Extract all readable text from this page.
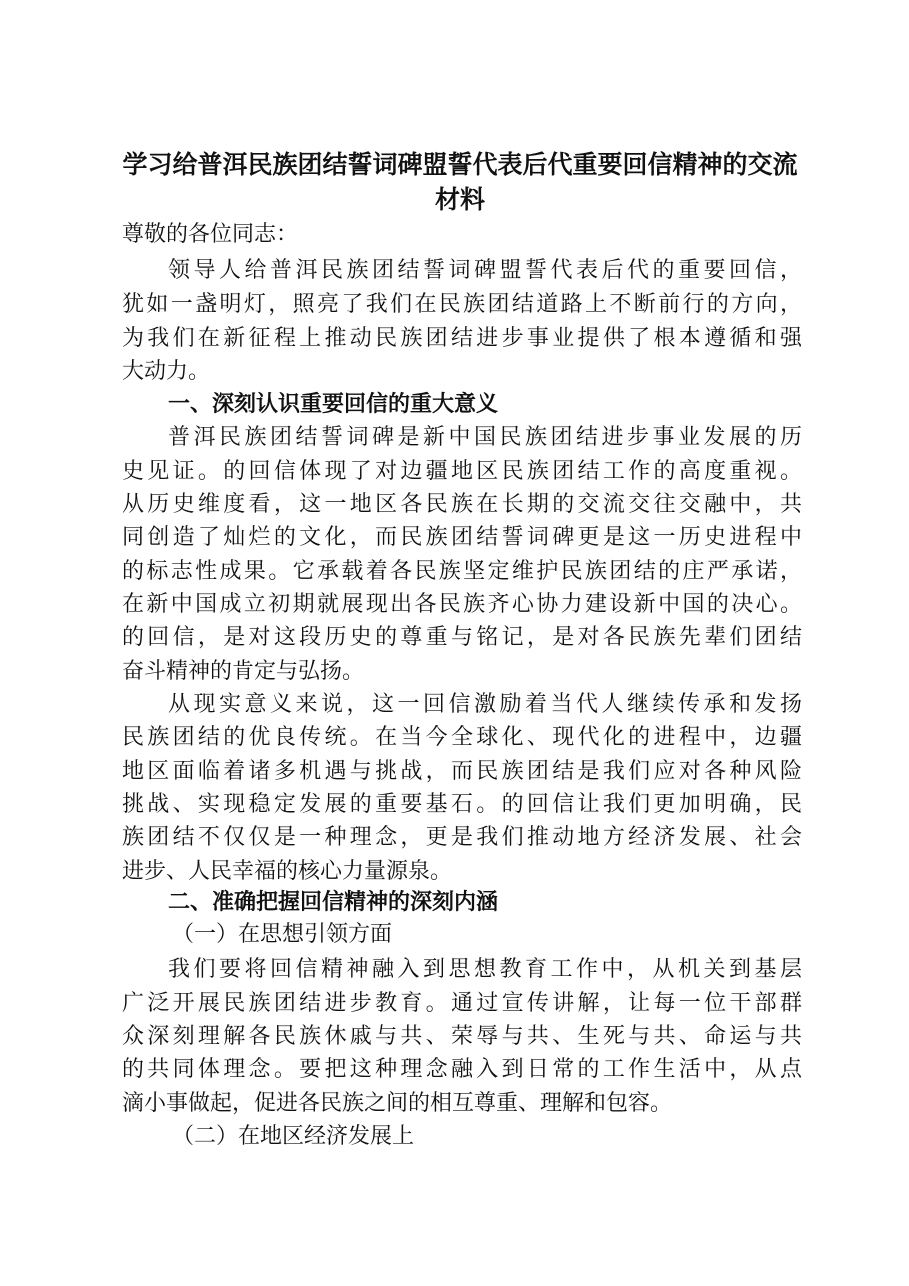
学习给普洱民族团结誓词碑盟誓代表后代重要回信精神的交流
材料

尊敬的各位同志：

领导人给普洱民族团结誓词碑盟誓代表后代的重要回信，

犹如一盏明灯，照亮了我们在民族团结道路上不断前行的方向，

为我们在新征程上推动民族团结进步事业提供了根本遵循和强

大动力。

一、深刻认识重要回信的重大意义

普洱民族团结誓词碑是新中国民族团结进步事业发展的历

史见证。的回信体现了对边疆地区民族团结工作的高度重视。

从历史维度看，这一地区各民族在长期的交流交往交融中，共

同创造了灿烂的文化，而民族团结誓词碑更是这一历史进程中

的标志性成果。它承载着各民族坚定维护民族团结的庄严承诺，

在新中国成立初期就展现出各民族齐心协力建设新中国的决心。

的回信，是对这段历史的尊重与铭记，是对各民族先辈们团结

奋斗精神的肯定与弘扬。

从现实意义来说，这一回信激励着当代人继续传承和发扬

民族团结的优良传统。在当今全球化、现代化的进程中，边疆

地区面临着诸多机遇与挑战，而民族团结是我们应对各种风险

挑战、实现稳定发展的重要基石。的回信让我们更加明确，民

族团结不仅仅是一种理念，更是我们推动地方经济发展、社会

进步、人民幸福的核心力量源泉。

二、准确把握回信精神的深刻内涵

（一）在思想引领方面

我们要将回信精神融入到思想教育工作中，从机关到基层

广泛开展民族团结进步教育。通过宣传讲解，让每一位干部群

众深刻理解各民族休戚与共、荣辱与共、生死与共、命运与共

的共同体理念。要把这种理念融入到日常的工作生活中，从点

滴小事做起，促进各民族之间的相互尊重、理解和包容。

（二）在地区经济发展上
